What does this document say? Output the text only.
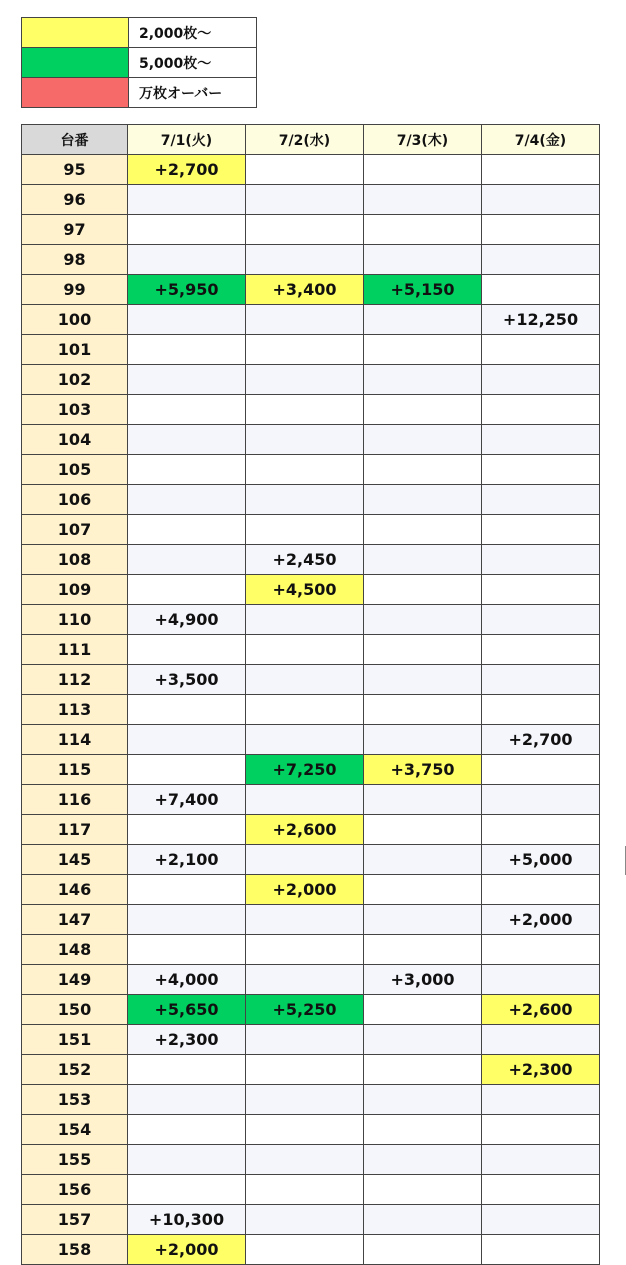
	2,000枚〜
	5,000枚〜
	万枚オーバー
台番	7/1(火)	7/2(水)	7/3(木)	7/4(金)
95	+2,700			
96				
97				
98				
99	+5,950	+3,400	+5,150	
100				+12,250
101				
102				
103				
104				
105				
106				
107				
108		+2,450		
109		+4,500		
110	+4,900			
111				
112	+3,500			
113				
114				+2,700
115		+7,250	+3,750	
116	+7,400			
117		+2,600		
145	+2,100			+5,000
146		+2,000		
147				+2,000
148				
149	+4,000		+3,000	
150	+5,650	+5,250		+2,600
151	+2,300			
152				+2,300
153				
154				
155				
156				
157	+10,300			
158	+2,000			
